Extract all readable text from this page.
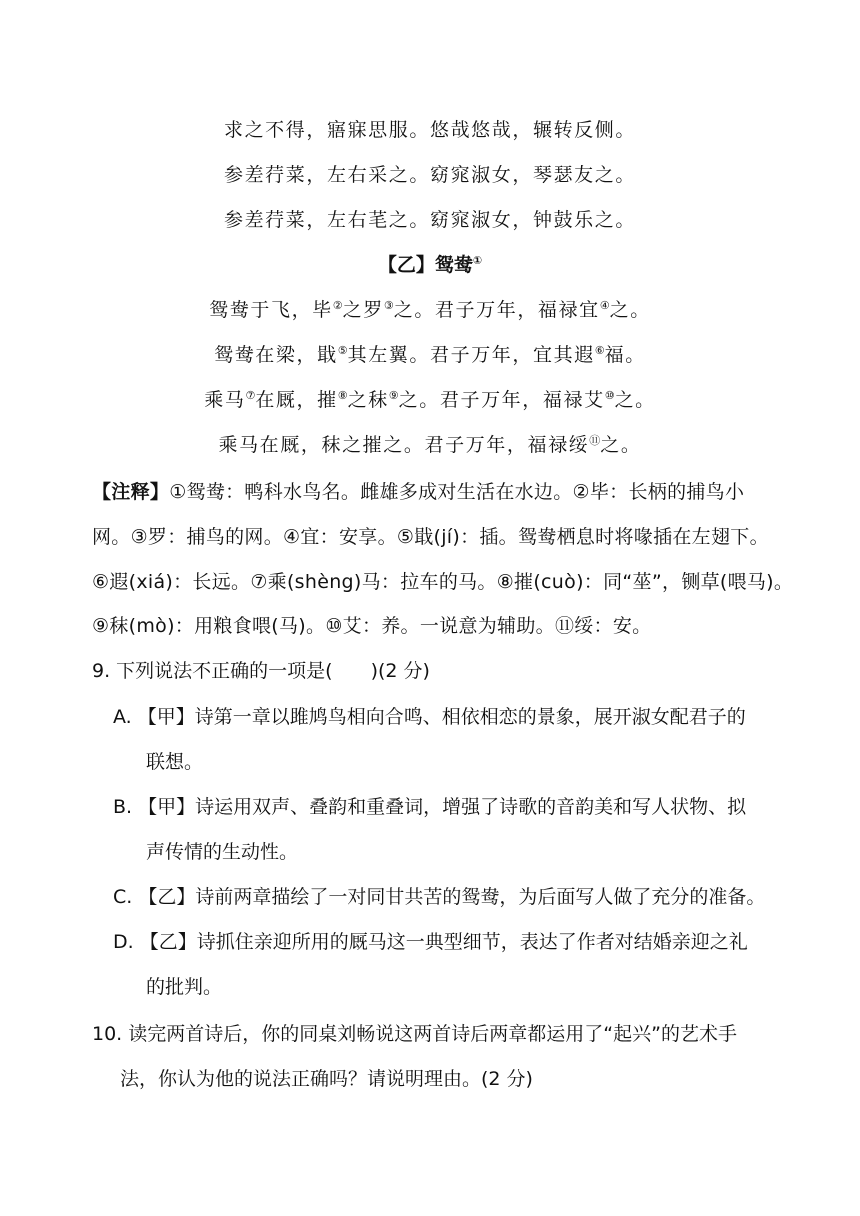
求之不得，寤寐思服。悠哉悠哉，辗转反侧。
参差荇菜，左右采之。窈窕淑女，琴瑟友之。
参差荇菜，左右芼之。窈窕淑女，钟鼓乐之。
【乙】鸳鸯①
鸳鸯于飞，毕②之罗③之。君子万年，福禄宜④之。
鸳鸯在梁，戢⑤其左翼。君子万年，宜其遐⑥福。
乘马⑦在厩，摧⑧之秣⑨之。君子万年，福禄艾⑩之。
乘马在厩，秣之摧之。君子万年，福禄绥⑪之。
【注释】①鸳鸯：鸭科水鸟名。雌雄多成对生活在水边。②毕：长柄的捕鸟小
网。③罗：捕鸟的网。④宜：安享。⑤戢(jí)：插。鸳鸯栖息时将喙插在左翅下。
⑥遐(xiá)：长远。⑦乘(shèng)马：拉车的马。⑧摧(cuò)：同“莝”，铡草(喂马)。
⑨秣(mò)：用粮食喂(马)。⑩艾：养。一说意为辅助。⑪绥：安。
9. 下列说法不正确的一项是(　　)(2 分)
A. 【甲】诗第一章以雎鸠鸟相向合鸣、相依相恋的景象，展开淑女配君子的
联想。
B. 【甲】诗运用双声、叠韵和重叠词，增强了诗歌的音韵美和写人状物、拟
声传情的生动性。
C. 【乙】诗前两章描绘了一对同甘共苦的鸳鸯，为后面写人做了充分的准备。
D. 【乙】诗抓住亲迎所用的厩马这一典型细节，表达了作者对结婚亲迎之礼
的批判。
10. 读完两首诗后，你的同桌刘畅说这两首诗后两章都运用了“起兴”的艺术手
法，你认为他的说法正确吗？请说明理由。(2 分)
